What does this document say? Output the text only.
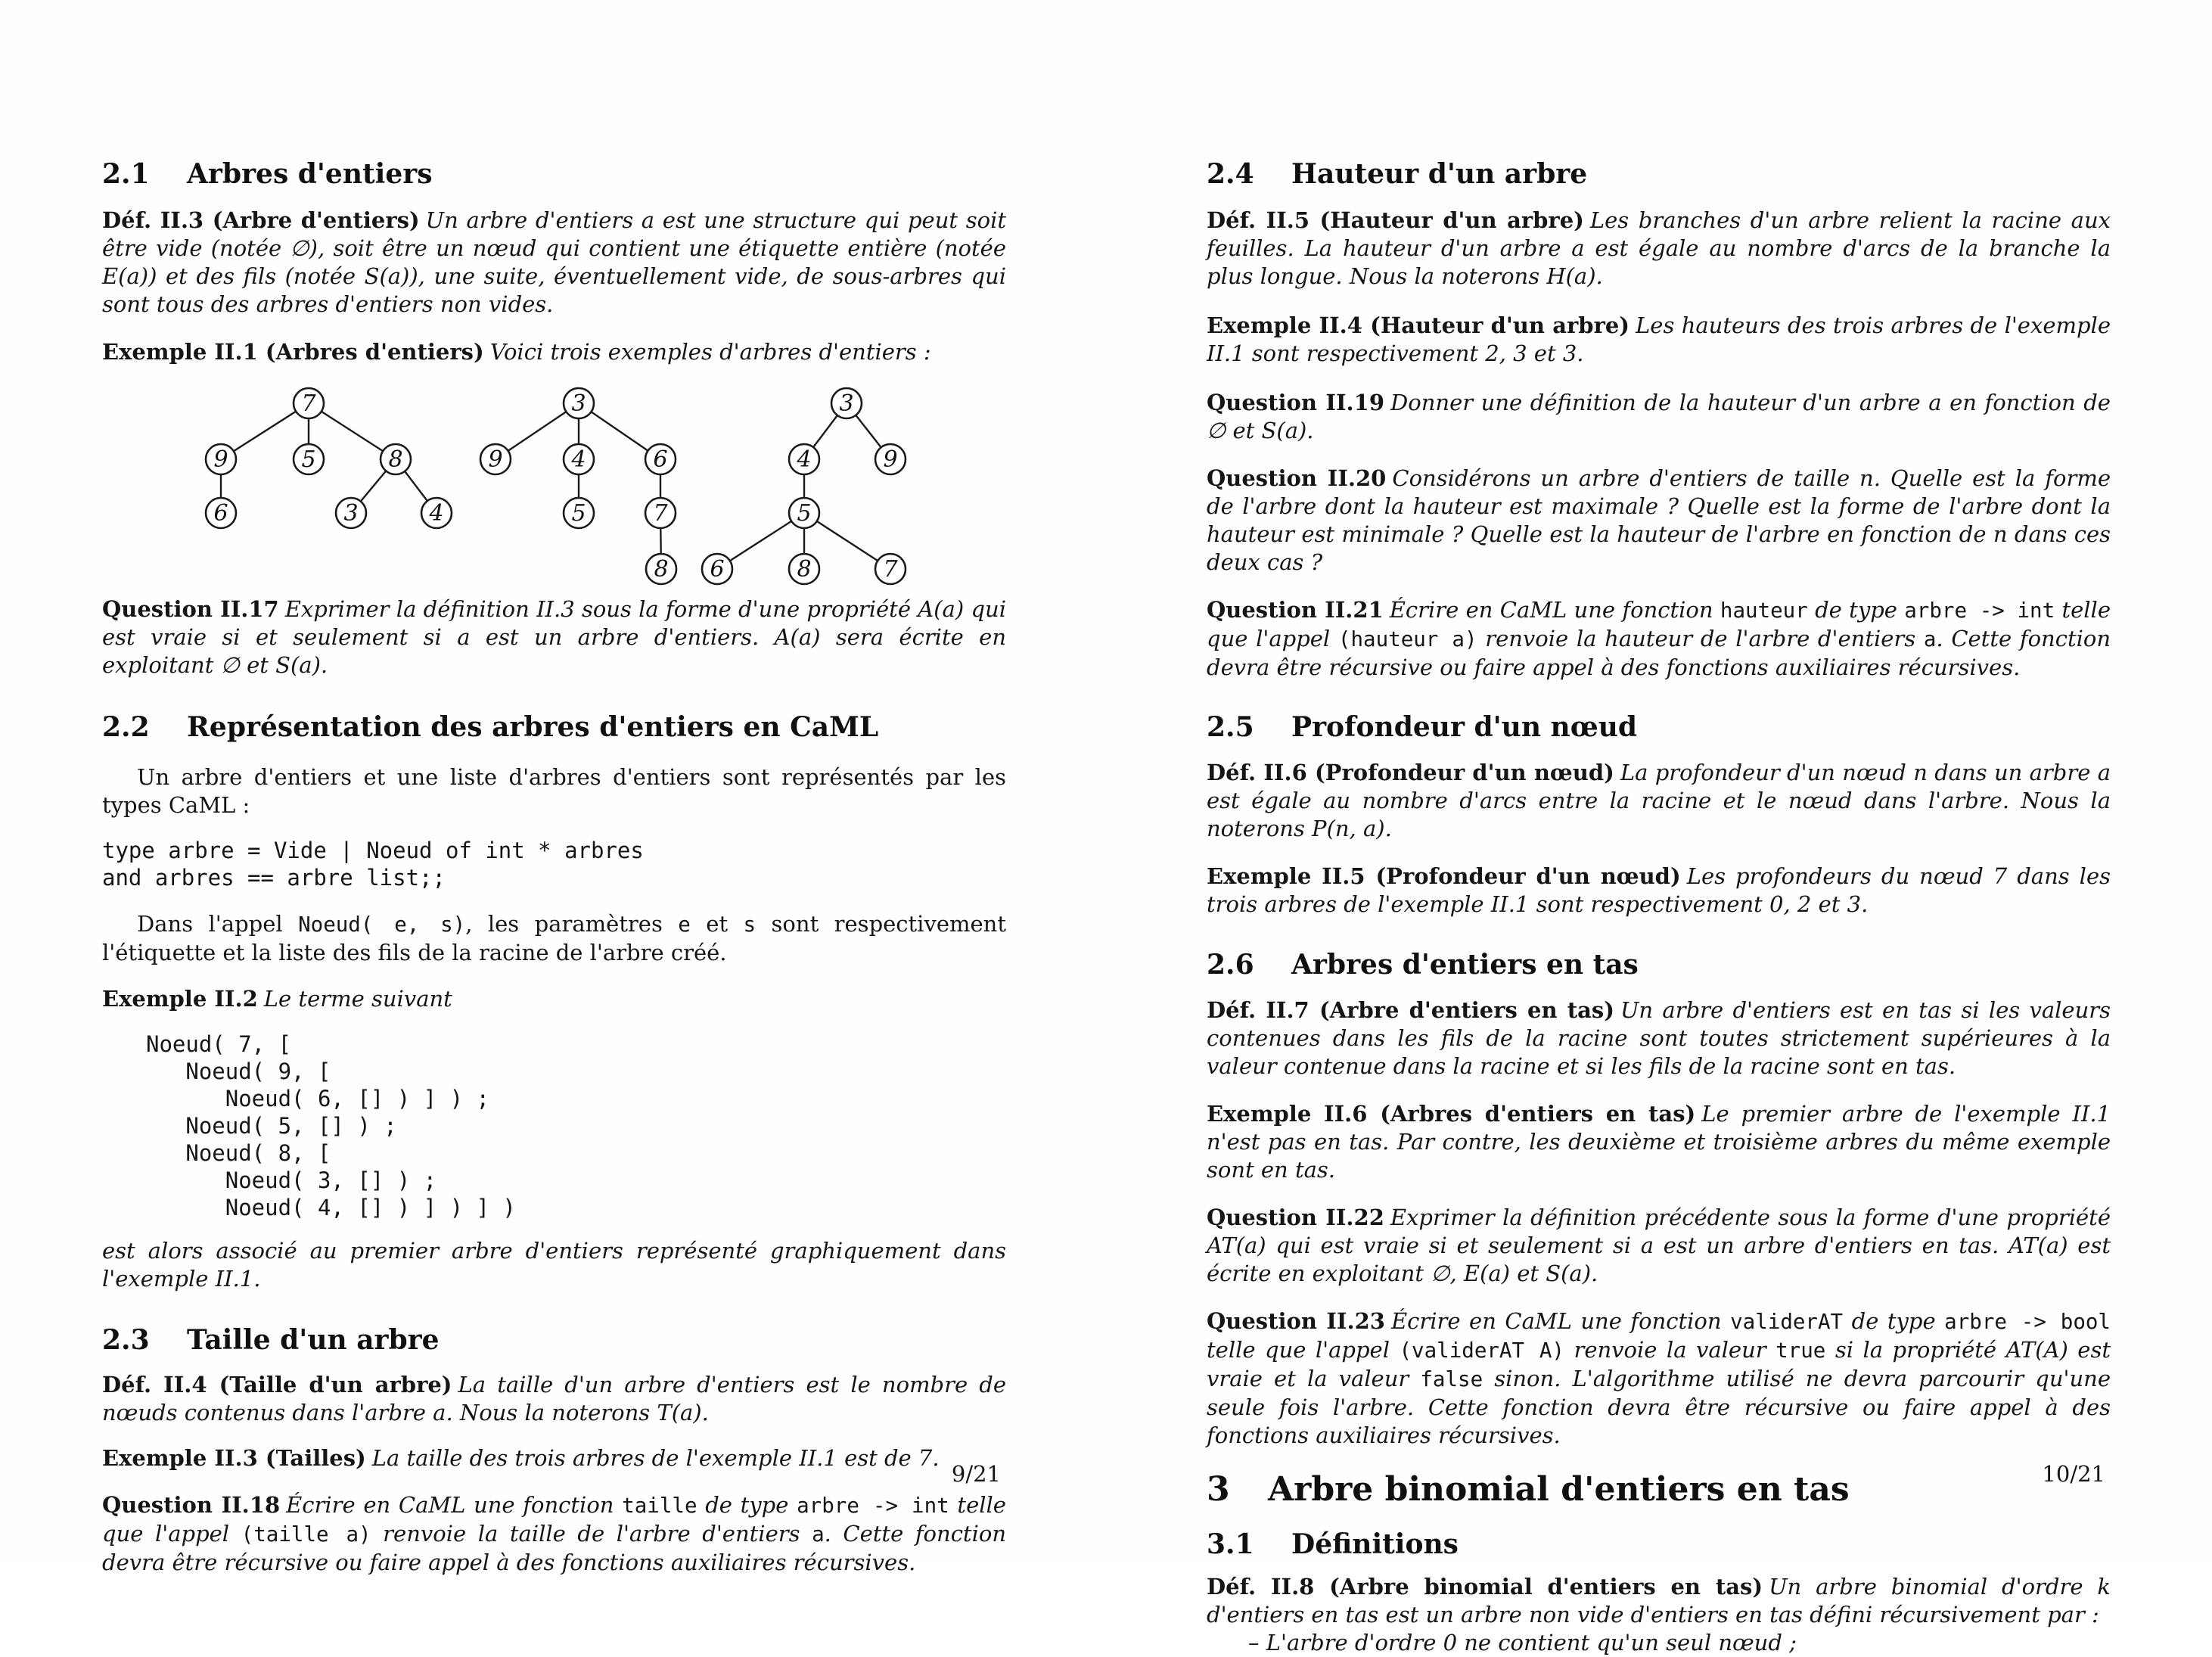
2.1 Arbres d'entiers

Déf. II.3 (Arbre d'entiers) Un arbre d'entiers a est une structure qui peut soit être vide (notée ∅), soit être un nœud qui contient une étiquette entière (notée E(a)) et des fils (notée S(a)), une suite, éventuellement vide, de sous-arbres qui sont tous des arbres d'entiers non vides.

Exemple II.1 (Arbres d'entiers) Voici trois exemples d'arbres d'entiers :

7
9	5	8
6	3	4
3
9	4	6
5	7
8
3
4	9
5
6	8	7

Question II.17 Exprimer la définition II.3 sous la forme d'une propriété A(a) qui est vraie si et seulement si a est un arbre d'entiers. A(a) sera écrite en exploitant ∅ et S(a).

2.2 Représentation des arbres d'entiers en CaML

Un arbre d'entiers et une liste d'arbres d'entiers sont représentés par les types CaML :

type arbre = Vide | Noeud of int * arbres
and arbres == arbre list;;

Dans l'appel Noeud( e, s), les paramètres e et s sont respectivement l'étiquette et la liste des fils de la racine de l'arbre créé.

Exemple II.2 Le terme suivant

Noeud( 7, [
Noeud( 9, [
Noeud( 6, [] ) ] ) ;
Noeud( 5, [] ) ;
Noeud( 8, [
Noeud( 3, [] ) ;
Noeud( 4, [] ) ] ) ] )

est alors associé au premier arbre d'entiers représenté graphiquement dans l'exemple II.1.

2.3 Taille d'un arbre

Déf. II.4 (Taille d'un arbre) La taille d'un arbre d'entiers est le nombre de nœuds contenus dans l'arbre a. Nous la noterons T(a).

Exemple II.3 (Tailles) La taille des trois arbres de l'exemple II.1 est de 7.

Question II.18 Écrire en CaML une fonction taille de type arbre -> int telle que l'appel (taille a) renvoie la taille de l'arbre d'entiers a. Cette fonction devra être récursive ou faire appel à des fonctions auxiliaires récursives.

9/21
2.4 Hauteur d'un arbre

Déf. II.5 (Hauteur d'un arbre) Les branches d'un arbre relient la racine aux feuilles. La hauteur d'un arbre a est égale au nombre d'arcs de la branche la plus longue. Nous la noterons H(a).

Exemple II.4 (Hauteur d'un arbre) Les hauteurs des trois arbres de l'exemple II.1 sont respectivement 2, 3 et 3.

Question II.19 Donner une définition de la hauteur d'un arbre a en fonction de ∅ et S(a).

Question II.20 Considérons un arbre d'entiers de taille n. Quelle est la forme de l'arbre dont la hauteur est maximale ? Quelle est la forme de l'arbre dont la hauteur est minimale ? Quelle est la hauteur de l'arbre en fonction de n dans ces deux cas ?

Question II.21 Écrire en CaML une fonction hauteur de type arbre -> int telle que l'appel (hauteur a) renvoie la hauteur de l'arbre d'entiers a. Cette fonction devra être récursive ou faire appel à des fonctions auxiliaires récursives.

2.5 Profondeur d'un nœud

Déf. II.6 (Profondeur d'un nœud) La profondeur d'un nœud n dans un arbre a est égale au nombre d'arcs entre la racine et le nœud dans l'arbre. Nous la noterons P(n, a).

Exemple II.5 (Profondeur d'un nœud) Les profondeurs du nœud 7 dans les trois arbres de l'exemple II.1 sont respectivement 0, 2 et 3.

2.6 Arbres d'entiers en tas

Déf. II.7 (Arbre d'entiers en tas) Un arbre d'entiers est en tas si les valeurs contenues dans les fils de la racine sont toutes strictement supérieures à la valeur contenue dans la racine et si les fils de la racine sont en tas.

Exemple II.6 (Arbres d'entiers en tas) Le premier arbre de l'exemple II.1 n'est pas en tas. Par contre, les deuxième et troisième arbres du même exemple sont en tas.

Question II.22 Exprimer la définition précédente sous la forme d'une propriété AT(a) qui est vraie si et seulement si a est un arbre d'entiers en tas. AT(a) est écrite en exploitant ∅, E(a) et S(a).

Question II.23 Écrire en CaML une fonction validerAT de type arbre -> bool telle que l'appel (validerAT A) renvoie la valeur true si la propriété AT(A) est vraie et la valeur false sinon. L'algorithme utilisé ne devra parcourir qu'une seule fois l'arbre. Cette fonction devra être récursive ou faire appel à des fonctions auxiliaires récursives.

3 Arbre binomial d'entiers en tas
3.1 Définitions

Déf. II.8 (Arbre binomial d'entiers en tas) Un arbre binomial d'ordre k d'entiers en tas est un arbre non vide d'entiers en tas défini récursivement par :

– L'arbre d'ordre 0 ne contient qu'un seul nœud ;

10/21
